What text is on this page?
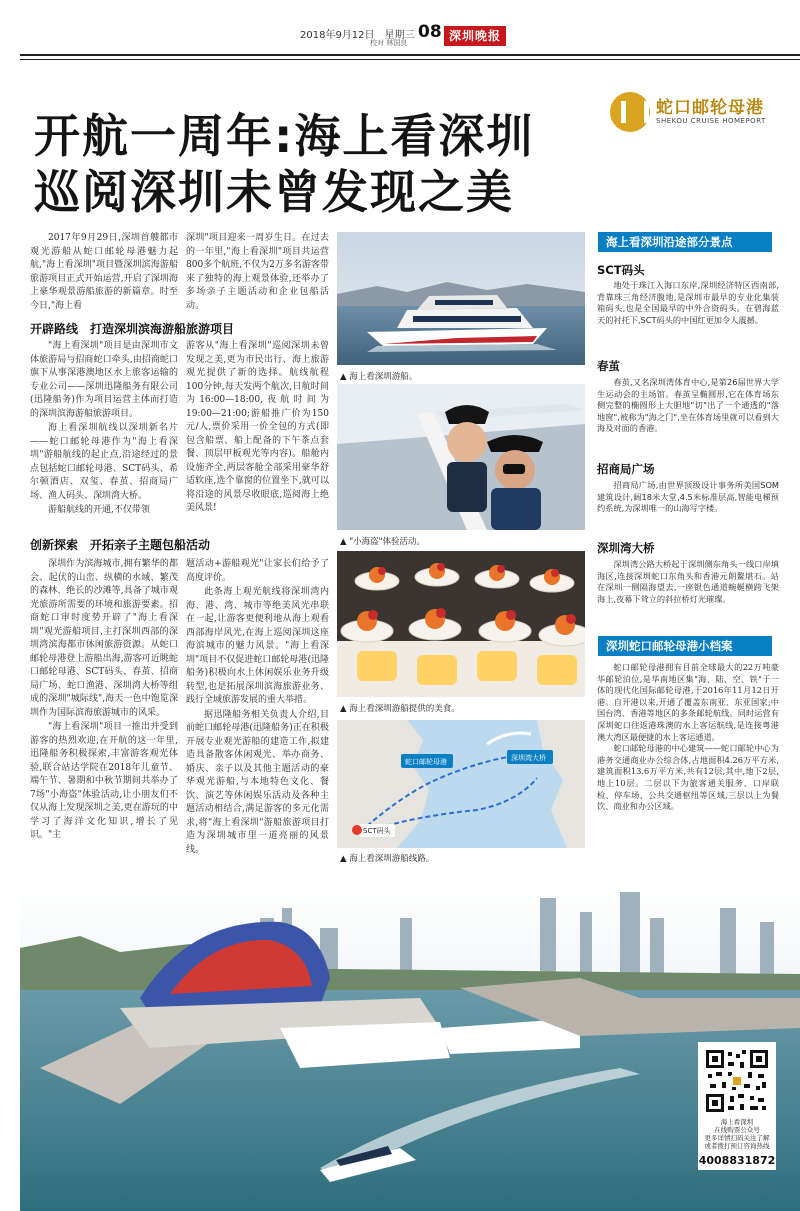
2018年9月12日　星期三
校对 林国良
08 深圳晚报
开航一周年:海上看深圳
巡阅深圳未曾发现之美
蛇口邮轮母港
SHEKOU CRUISE HOMEPORT

2017年9月29日,深圳首艘都市观光游船从蛇口邮轮母港魅力起航,"海上看深圳"项目暨深圳滨海游船旅游项目正式开始运营,开启了深圳海上豪华观景游船旅游的新篇章。时至今日,"海上看

深圳"项目迎来一周岁生日。在过去的一年里,"海上看深圳"项目共运营800多个航班,不仅为2万多名游客带来了独特的海上观景体验,还举办了多场亲子主题活动和企业包船活动。

开辟路线　打造深圳滨海游船旅游项目

"海上看深圳"项目是由深圳市文体旅游局与招商蛇口牵头,由招商蛇口旗下从事深港澳地区水上旅客运输的专业公司——深圳迅隆船务有限公司(迅隆船务)作为项目运营主体而打造的深圳滨海游船旅游项目。

海上看深圳航线以深圳新名片——蛇口邮轮母港作为"海上看深圳"游船航线的起止点,沿途经过的景点包括蛇口邮轮母港、SCT码头、希尔顿酒店、双玺、春茧、招商局广场、渔人码头、深圳湾大桥。

游船航线的开通,不仅带领

游客从"海上看深圳"巡阅深圳未曾发现之美,更为市民出行、海上旅游观光提供了新的选择。航线航程100分钟,每天发两个航次,日航时间为16:00—18:00,夜航时间为19:00—21:00;游船推广价为150元/人,票价采用一价全包的方式(即包含船票、船上配备的下午茶点套餐、顶层甲板观光等内容)。船舱内设施齐全,两层客舱全部采用豪华舒适软座,选个靠窗的位置坐下,就可以将沿途的风景尽收眼底,巡阅海上绝美风景!

创新探索　开拓亲子主题包船活动

深圳作为滨海城市,拥有繁华的都会、起伏的山峦、纵横的水域、繁茂的森林、绝长的沙滩等,具备了城市观光旅游所需要的环境和旅游要素。招商蛇口审时度势开辟了"海上看深圳"观光游船项目,主打深圳西部的深圳湾滨海都市休闲旅游资源。从蛇口邮轮母港登上游船出海,游客可近眺蛇口邮轮母港、SCT码头、春茧、招商局广场、蛇口渔港、深圳湾大桥等组成的深圳"城际线",海天一色中饱览深圳作为国际滨海旅游城市的风采。

"海上看深圳"项目一推出并受到游客的热烈欢迎,在开航的这一年里,迅隆船务积极探索,丰富游客观光体验,联合站达学院在2018年儿童节、端午节、暑期和中秋节期间共举办了7场"小海盗"体验活动,让小朋友们不仅从海上发现深圳之美,更在游玩的中学习了海洋文化知识,增长了见识。"主

题活动+游船观光"让家长们给予了高度评价。

此条海上观光航线将深圳湾内海、港、湾、城市等绝美风光串联在一起,让游客更便利地从海上观看西部海岸风光,在海上巡阅深圳这座海滨城市的魅力风景。"海上看深圳"项目不仅促进蛇口邮轮母港(迅隆船务)积极向水上休闲娱乐业务升级转型,也是拓展深圳滨海旅游业务、践行全域旅游发展的重大举措。

据迅隆船务相关负责人介绍,目前蛇口邮轮母港(迅隆船务)正在积极开展专业观光游船的建造工作,拟建造具备散客休闲观光、举办商务、婚庆、亲子以及其他主题活动的豪华观光游船,与本地特色文化、餐饮、演艺等休闲娱乐活动及各种主题活动相结合,满足游客的多元化需求,将"海上看深圳"游船旅游项目打造为深圳城市里一道亮丽的风景线。

▲ 海上看深圳游船。
▲ "小海盗"体验活动。
▲ 海上看深圳游船提供的美食。
蛇口邮轮母港	深圳湾大桥
SCT码头
▲ 海上看深圳游船线路。
海上看深圳沿途部分景点
SCT码头
地处于珠江入海口东岸,深圳经济特区西南部,背靠珠三角经济腹地,是深圳市最早的专业化集装箱码头,也是全国最早的中外合资码头。在碧海蓝天的衬托下,SCT码头的中国红更加令人震撼。
春茧
春茧,又名深圳湾体育中心,是第26届世界大学生运动会的主场馆。春茧呈椭圆形,它在体育场东侧完整的椭圆形上大胆地"切"出了一个通透的"落地窗",被称为"海之门",坐在体育场里就可以看到大海及对面的香港。
招商局广场
招商局广场,由世界顶级设计事务所美国SOM建筑设计,阔18米大堂,4.5米标准层高,智能电梯预约系统,为深圳唯一的山海写字楼。
深圳湾大桥
深圳湾公路大桥起于深圳侧东角头一线口岸填海区,连接深圳蛇口东角头和香港元朗鳌堪石。站在深圳一侧隔海望去,一座银色通道蜿蜒横跨飞架海上,夜幕下耸立的斜拉桥灯光璀璨。
深圳蛇口邮轮母港小档案

蛇口邮轮母港拥有目前全球最大的22万吨豪华邮轮泊位,是华南地区集"海、陆、空、铁"于一体的现代化国际邮轮母港,于2016年11月12日开港。自开港以来,开通了覆盖东南亚、东亚国家;中国台湾、香港等地区的多条邮轮航线。同时运营有深圳蛇口往返港珠澳的水上客运航线,是连接粤港澳大湾区最便捷的水上客运通道。

蛇口邮轮母港的中心建筑——蛇口邮轮中心为港务交通商业办公综合体,占地面积4.26万平方米,建筑面积13.6万平方米,共有12层,其中,地下2层,地上10层。二层以下为旅客通关服务、口岸联检、停车场、公共交通枢纽等区域,三层以上为餐饮、商业和办公区域。

海上看深圳
在线购票公众号
更多详情扫码关注了解
或者拨打预订咨询热线
4008831872
